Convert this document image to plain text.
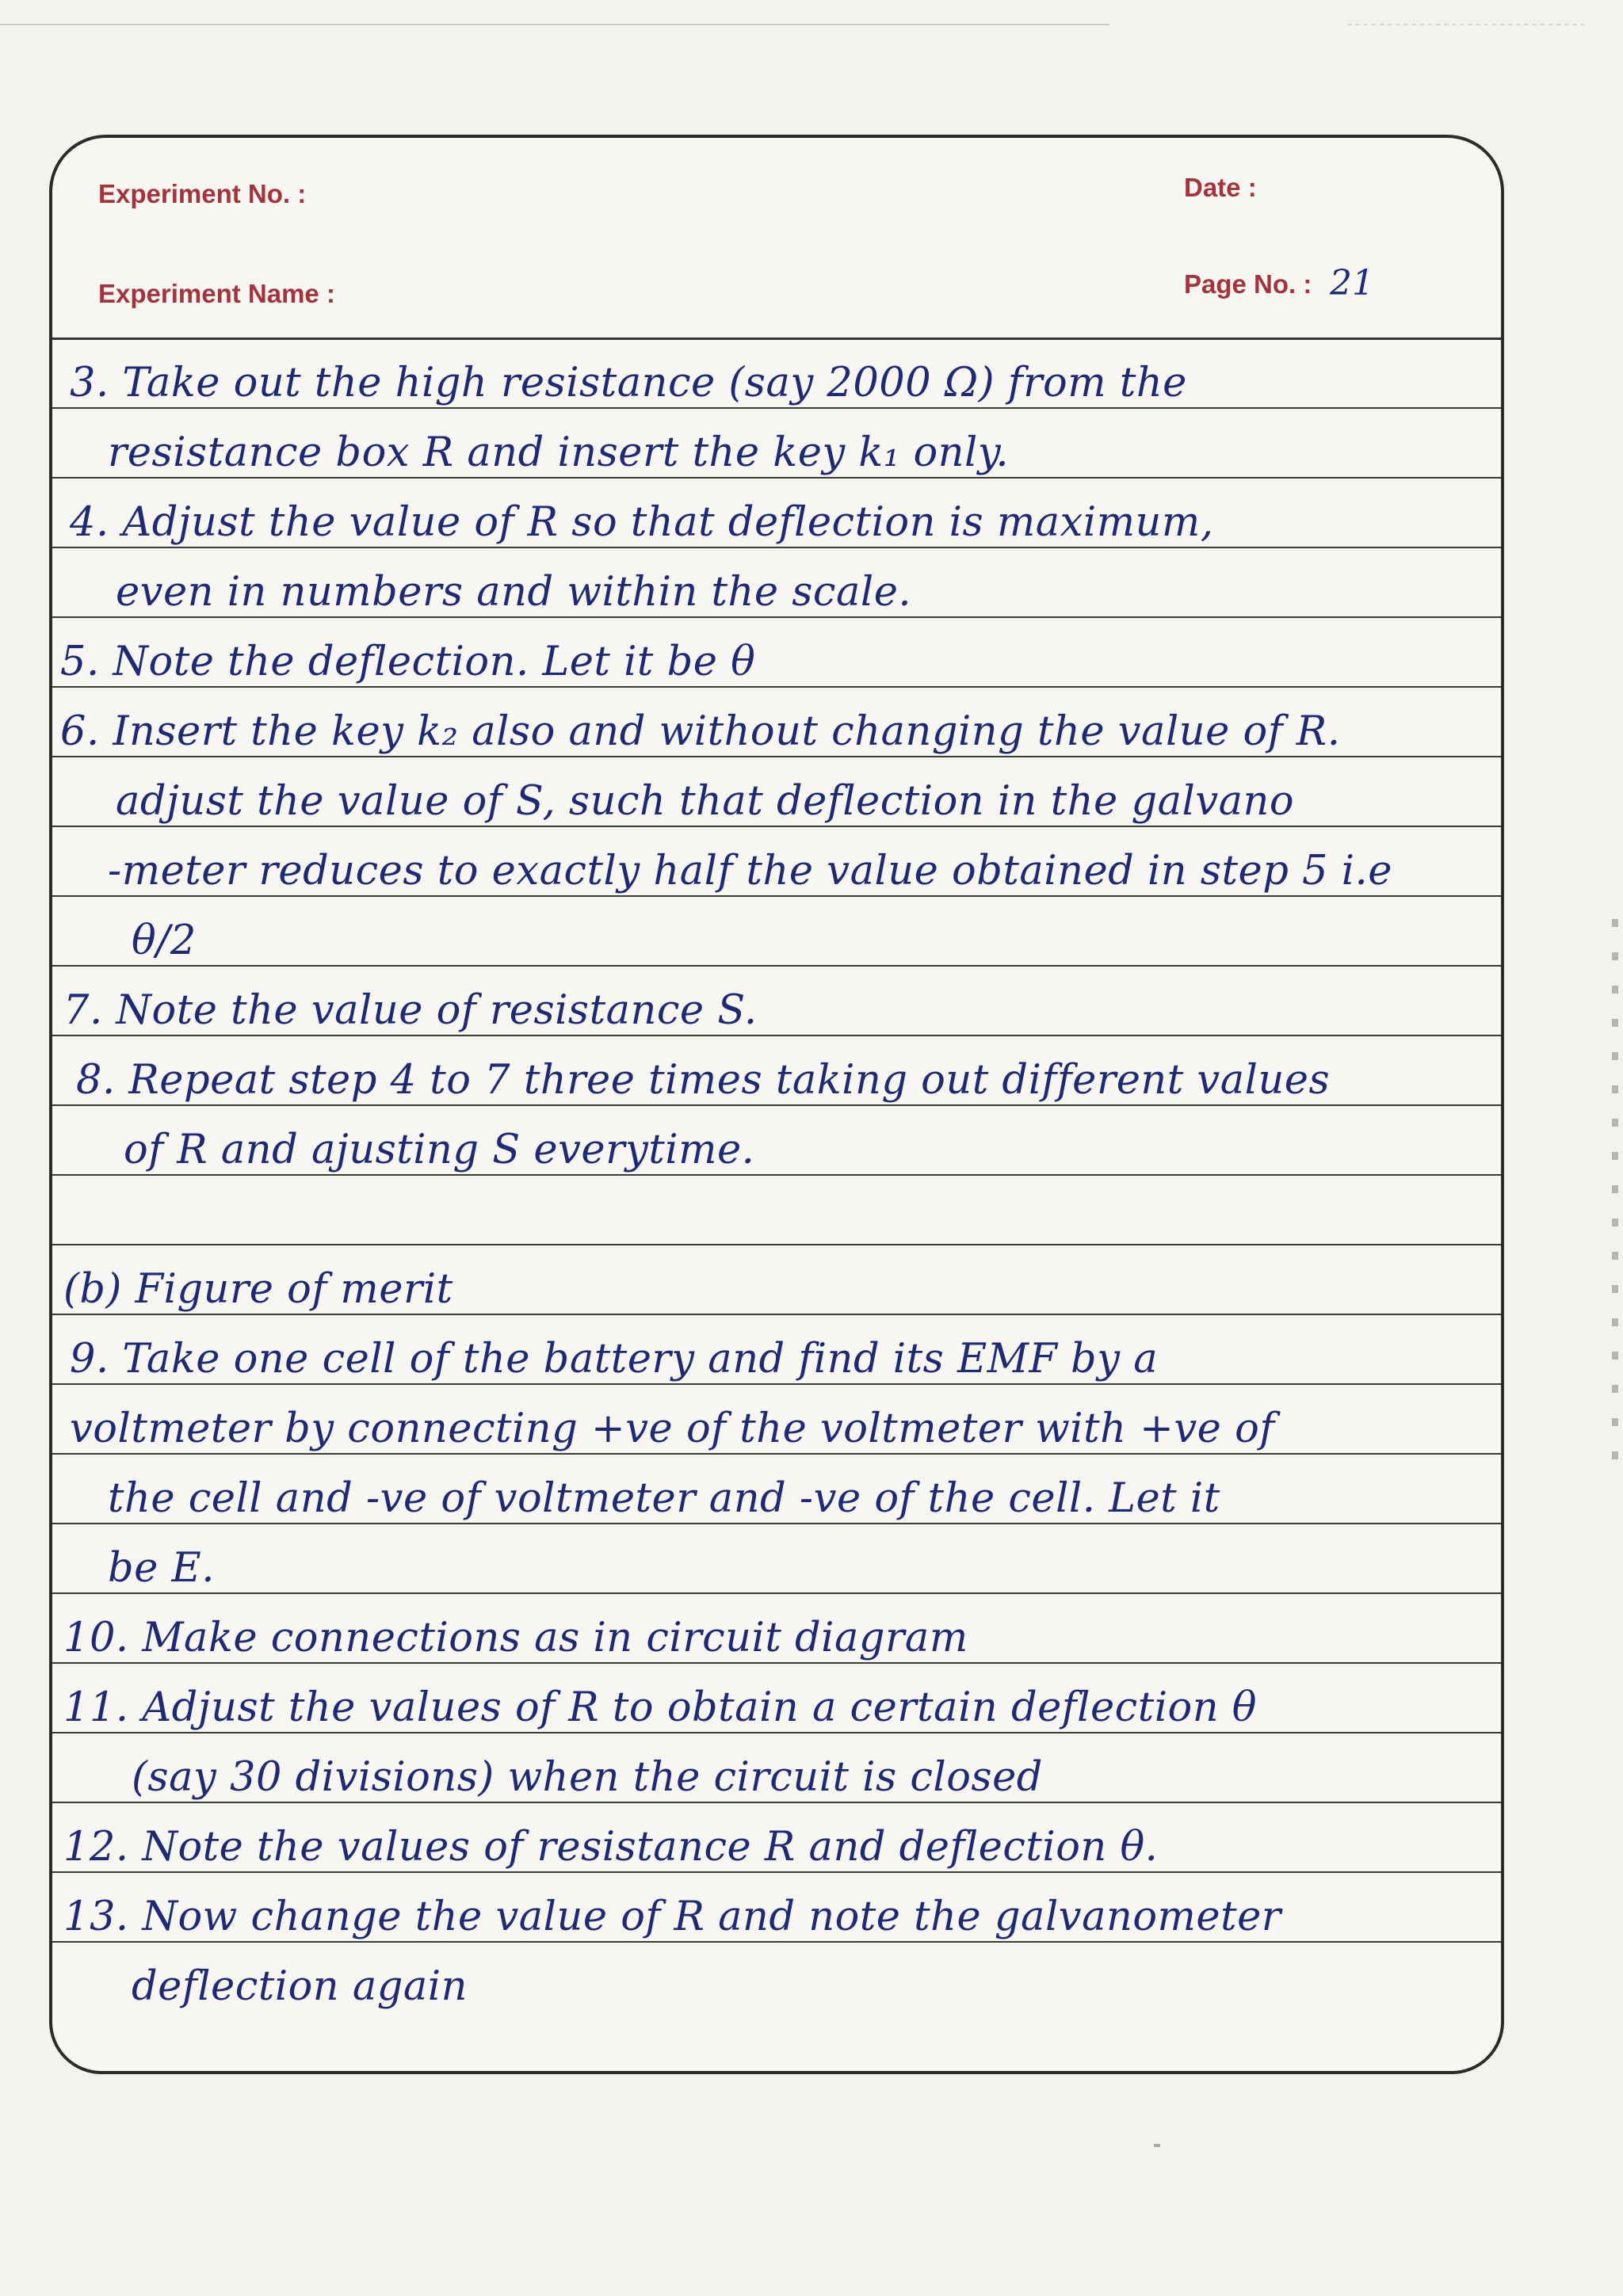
Experiment No. :	Date :
Experiment Name :	Page No. : 21
3. Take out the high resistance (say 2000 Ω) from the
resistance box R and insert the key k₁ only.
4. Adjust the value of R so that deflection is maximum,
even in numbers and within the scale.
5. Note the deflection. Let it be θ
6. Insert the key k₂ also and without changing the value of R.
adjust the value of S, such that deflection in the galvano
-meter reduces to exactly half the value obtained in step 5 i.e
θ/2
7. Note the value of resistance S.
8. Repeat step 4 to 7 three times taking out different values
of R and ajusting S everytime.
(b) Figure of merit
9. Take one cell of the battery and find its EMF by a
voltmeter by connecting +ve of the voltmeter with +ve of
the cell and -ve of voltmeter and -ve of the cell. Let it
be E.
10. Make connections as in circuit diagram
11. Adjust the values of R to obtain a certain deflection θ
(say 30 divisions) when the circuit is closed
12. Note the values of resistance R and deflection θ.
13. Now change the value of R and note the galvanometer
deflection again
